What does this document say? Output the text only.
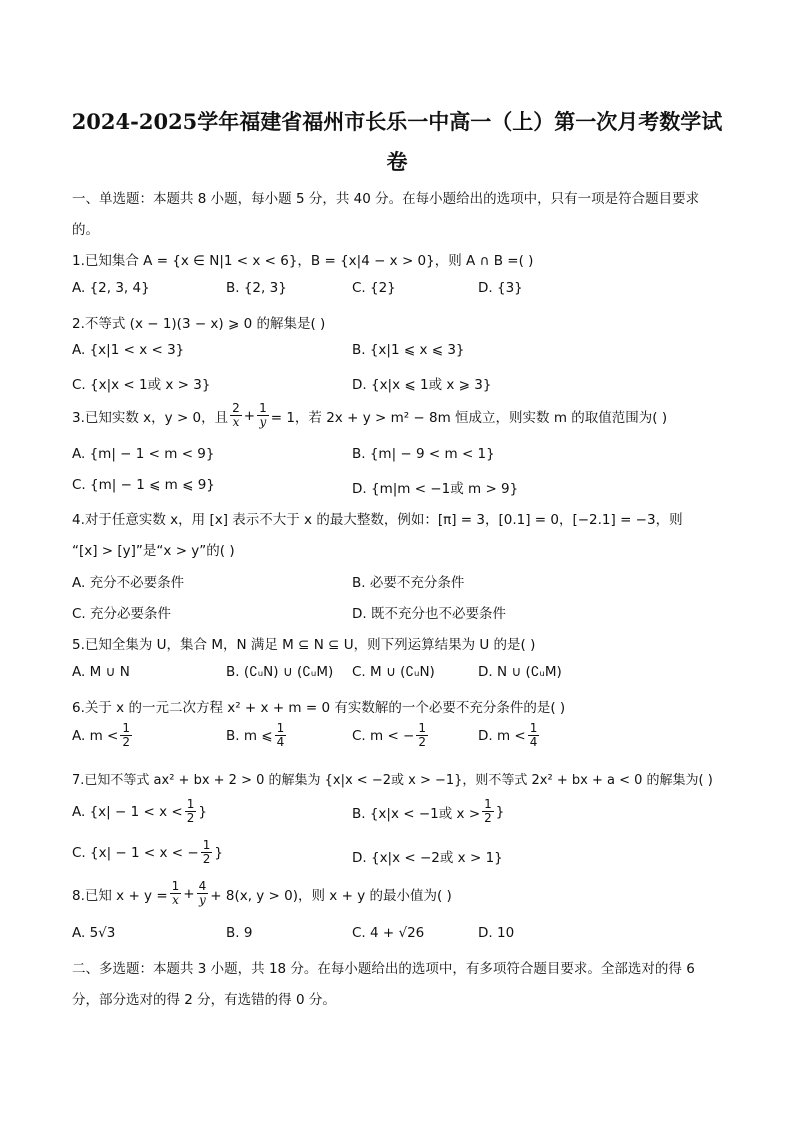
2024-2025学年福建省福州市长乐一中高一（上）第一次月考数学试
卷
一、单选题：本题共 8 小题，每小题 5 分，共 40 分。在每小题给出的选项中，只有一项是符合题目要求
的。
1.已知集合 A = {x ∈ N|1 < x < 6}，B = {x|4 − x > 0}，则 A ∩ B =( )
A. {2, 3, 4}	B. {2, 3}	C. {2}	D. {3}
2.不等式 (x − 1)(3 − x) ⩾ 0 的解集是( )
A. {x|1 < x < 3}	B. {x|1 ⩽ x ⩽ 3}
C. {x|x < 1或 x > 3}	D. {x|x ⩽ 1或 x ⩾ 3}
3.已知实数 x，y > 0，且 $\frac{2}{x} + \frac{1}{y} = 1$，若 2x + y > m² − 8m 恒成立，则实数 m 的取值范围为( )
A. {m| − 1 < m < 9}	B. {m| − 9 < m < 1}
C. {m| − 1 ⩽ m ⩽ 9}	D. {m|m < −1或 m > 9}
4.对于任意实数 x，用 [x] 表示不大于 x 的最大整数，例如：[π] = 3，[0.1] = 0，[−2.1] = −3，则
“[x] > [y]”是“x > y”的( )
A. 充分不必要条件	B. 必要不充分条件
C. 充分必要条件	D. 既不充分也不必要条件
5.已知全集为 U，集合 M，N 满足 M ⊆ N ⊆ U，则下列运算结果为 U 的是( )
A. M ∪ N	B. (∁ᵤN) ∪ (∁ᵤM) C. M ∪ (∁ᵤN)	D. N ∪ (∁ᵤM)
6.关于 x 的一元二次方程 x² + x + m = 0 有实数解的一个必要不充分条件的是( )
A. $m < \frac{1}{2}$	B. m ⩽ $\frac{1}{4}$	C. m < − $\frac{1}{2}$	D. $m < \frac{1}{4}$
7.已知不等式 ax² + bx + 2 > 0 的解集为 {x|x < −2或 x > −1}，则不等式 2x² + bx + a < 0 的解集为( )
A. {$x| - 1 < x < \frac{1}{2}$ }	B. {x|x < −1或 $x > \frac{1}{2}$ }
C. {x| − 1 < x < − $\frac{1}{2}$ }	D. {x|x < −2或 x > 1}
8.已知 $x + y = \frac{1}{x} + \frac{4}{y} + 8(x$, y > 0)，则 x + y 的最小值为( )
A. 5√3	B. 9	C. 4 + √26	D. 10
二、多选题：本题共 3 小题，共 18 分。在每小题给出的选项中，有多项符合题目要求。全部选对的得 6
分，部分选对的得 2 分，有选错的得 0 分。
